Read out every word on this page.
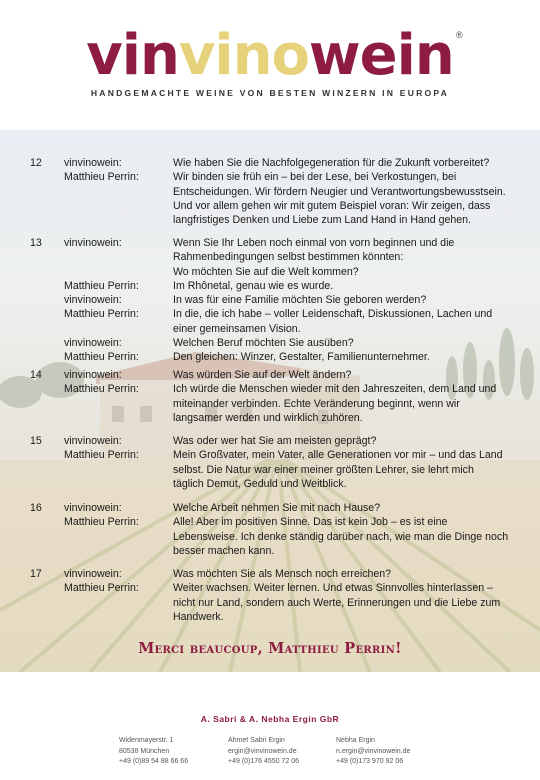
vinvinowein ®
HANDGEMACHTE WEINE VON BESTEN WINZERN IN EUROPA
12 vinvinowein:	Wie haben Sie die Nachfolgegeneration für die Zukunft vorbereitet?
Matthieu Perrin:	Wir binden sie früh ein – bei der Lese, bei Verkostungen, bei
Entscheidungen. Wir fördern Neugier und Verantwortungsbewusstsein.
Und vor allem gehen wir mit gutem Beispiel voran: Wir zeigen, dass
langfristiges Denken und Liebe zum Land Hand in Hand gehen.
13 vinvinowein:	Wenn Sie Ihr Leben noch einmal von vorn beginnen und die
Rahmenbedingungen selbst bestimmen könnten:
Wo möchten Sie auf die Welt kommen?
Matthieu Perrin:	Im Rhônetal, genau wie es wurde.
vinvinowein:	In was für eine Familie möchten Sie geboren werden?
Matthieu Perrin:	In die, die ich habe – voller Leidenschaft, Diskussionen, Lachen und
einer gemeinsamen Vision.
vinvinowein:	Welchen Beruf möchten Sie ausüben?
Matthieu Perrin:	Den gleichen: Winzer, Gestalter, Familienunternehmer.
14 vinvinowein:	Was würden Sie auf der Welt ändern?
Matthieu Perrin:	Ich würde die Menschen wieder mit den Jahreszeiten, dem Land und
miteinander verbinden. Echte Veränderung beginnt, wenn wir
langsamer werden und wirklich zuhören.
15 vinvinowein:	Was oder wer hat Sie am meisten geprägt?
Matthieu Perrin:	Mein Großvater, mein Vater, alle Generationen vor mir – und das Land
selbst. Die Natur war einer meiner größten Lehrer, sie lehrt mich
täglich Demut, Geduld und Weitblick.
16 vinvinowein:	Welche Arbeit nehmen Sie mit nach Hause?
Matthieu Perrin:	Alle! Aber im positiven Sinne. Das ist kein Job – es ist eine
Lebensweise. Ich denke ständig darüber nach, wie man die Dinge noch
besser machen kann.
17 vinvinowein:	Was möchten Sie als Mensch noch erreichen?
Matthieu Perrin:	Weiter wachsen. Weiter lernen. Und etwas Sinnvolles hinterlassen –
nicht nur Land, sondern auch Werte, Erinnerungen und die Liebe zum
Handwerk.
Merci beaucoup, Matthieu Perrin!
A. Sabri & A. Nebha Ergin GbR
Widenmayerstr. 1
80538 München
+49 (0)89 54 88 66 66
Ahmet Sabri Ergin
ergin@vinvinowein.de
+49 (0)176 4550 72 06
Nebha Ergin
n.ergin@vinvinowein.de
+49 (0)173 970 92 06
